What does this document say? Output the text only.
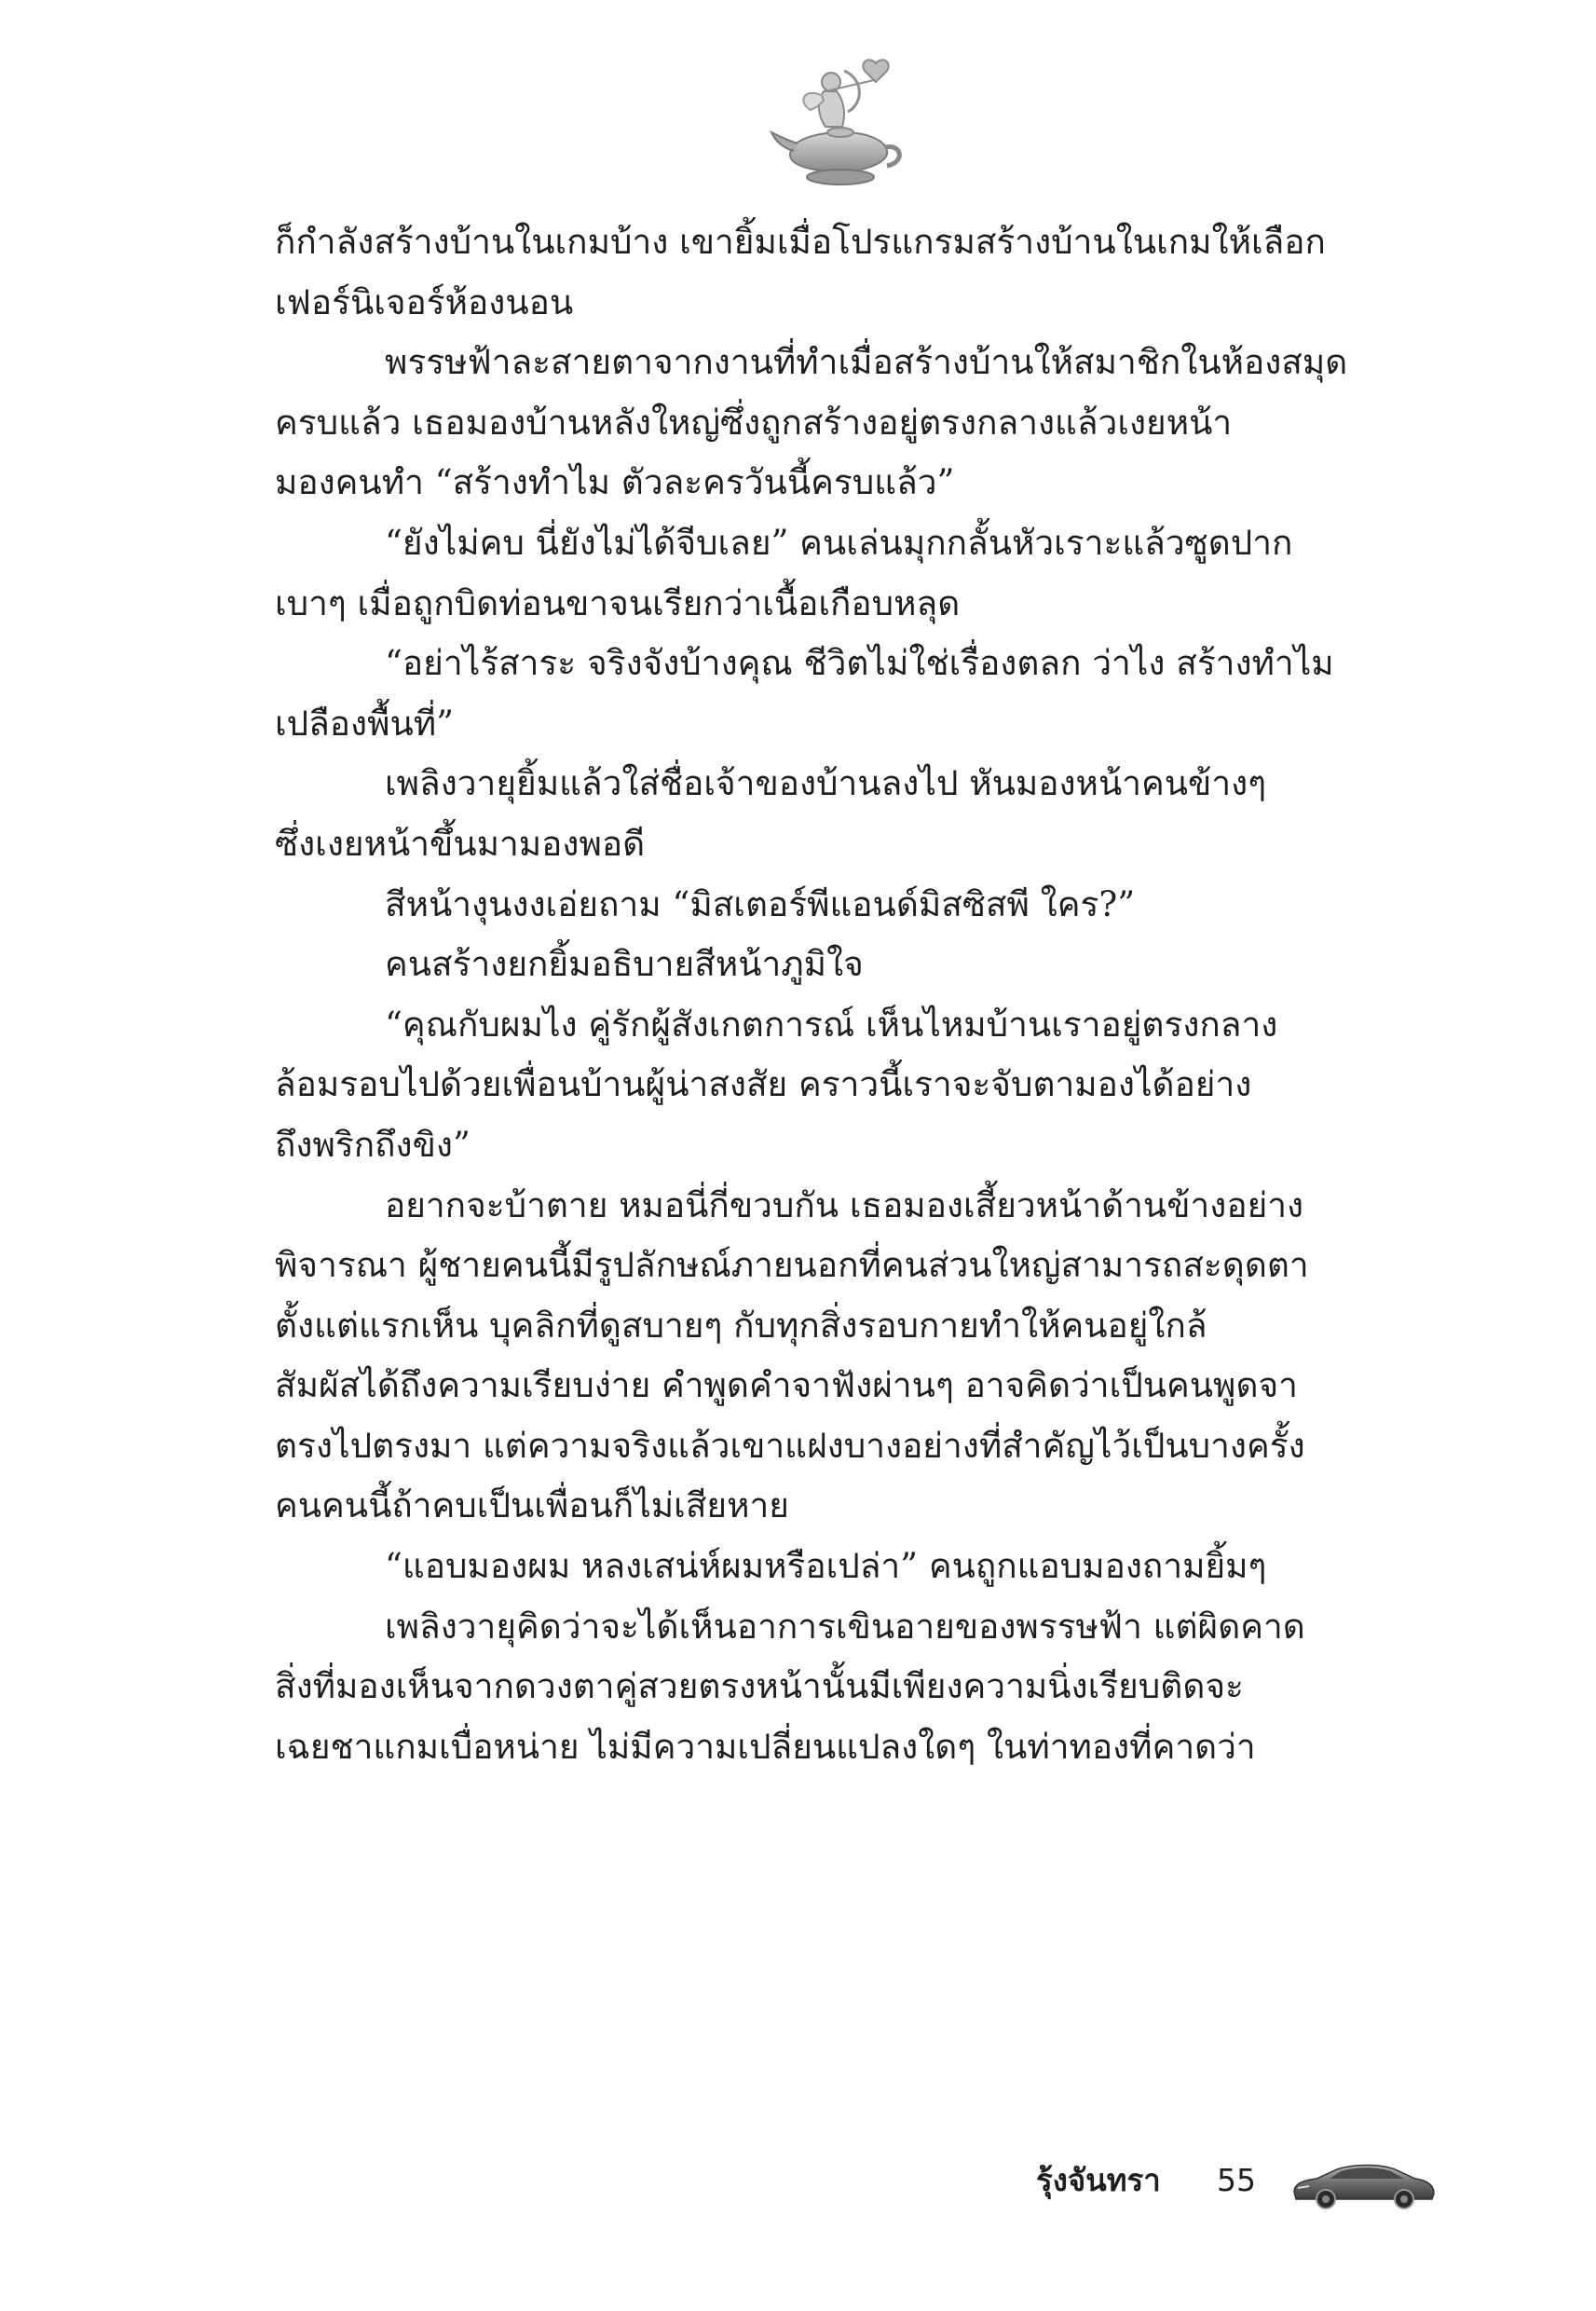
ก็กำลังสร้างบ้านในเกมบ้าง เขายิ้มเมื่อโปรแกรมสร้างบ้านในเกมให้เลือก
เฟอร์นิเจอร์ห้องนอน
พรรษฟ้าละสายตาจากงานที่ทำเมื่อสร้างบ้านให้สมาชิกในห้องสมุด
ครบแล้ว เธอมองบ้านหลังใหญ่ซึ่งถูกสร้างอยู่ตรงกลางแล้วเงยหน้า
มองคนทำ “สร้างทำไม ตัวละครวันนี้ครบแล้ว”
“ยังไม่คบ นี่ยังไม่ได้จีบเลย” คนเล่นมุกกลั้นหัวเราะแล้วซูดปาก
เบาๆ เมื่อถูกบิดท่อนขาจนเรียกว่าเนื้อเกือบหลุด
“อย่าไร้สาระ จริงจังบ้างคุณ ชีวิตไม่ใช่เรื่องตลก ว่าไง สร้างทำไม
เปลืองพื้นที่”
เพลิงวายุยิ้มแล้วใส่ชื่อเจ้าของบ้านลงไป หันมองหน้าคนข้างๆ
ซึ่งเงยหน้าขึ้นมามองพอดี
สีหน้างุนงงเอ่ยถาม “มิสเตอร์พีแอนด์มิสซิสพี ใคร?”
คนสร้างยกยิ้มอธิบายสีหน้าภูมิใจ
“คุณกับผมไง คู่รักผู้สังเกตการณ์ เห็นไหมบ้านเราอยู่ตรงกลาง
ล้อมรอบไปด้วยเพื่อนบ้านผู้น่าสงสัย คราวนี้เราจะจับตามองได้อย่าง
ถึงพริกถึงขิง”
อยากจะบ้าตาย หมอนี่กี่ขวบกัน เธอมองเสี้ยวหน้าด้านข้างอย่าง
พิจารณา ผู้ชายคนนี้มีรูปลักษณ์ภายนอกที่คนส่วนใหญ่สามารถสะดุดตา
ตั้งแต่แรกเห็น บุคลิกที่ดูสบายๆ กับทุกสิ่งรอบกายทำให้คนอยู่ใกล้
สัมผัสได้ถึงความเรียบง่าย คำพูดคำจาฟังผ่านๆ อาจคิดว่าเป็นคนพูดจา
ตรงไปตรงมา แต่ความจริงแล้วเขาแฝงบางอย่างที่สำคัญไว้เป็นบางครั้ง
คนคนนี้ถ้าคบเป็นเพื่อนก็ไม่เสียหาย
“แอบมองผม หลงเสน่ห์ผมหรือเปล่า” คนถูกแอบมองถามยิ้มๆ
เพลิงวายุคิดว่าจะได้เห็นอาการเขินอายของพรรษฟ้า แต่ผิดคาด
สิ่งที่มองเห็นจากดวงตาคู่สวยตรงหน้านั้นมีเพียงความนิ่งเรียบติดจะ
เฉยชาแกมเบื่อหน่าย ไม่มีความเปลี่ยนแปลงใดๆ ในท่าทองที่คาดว่า
รุ้งจันทรา 55
